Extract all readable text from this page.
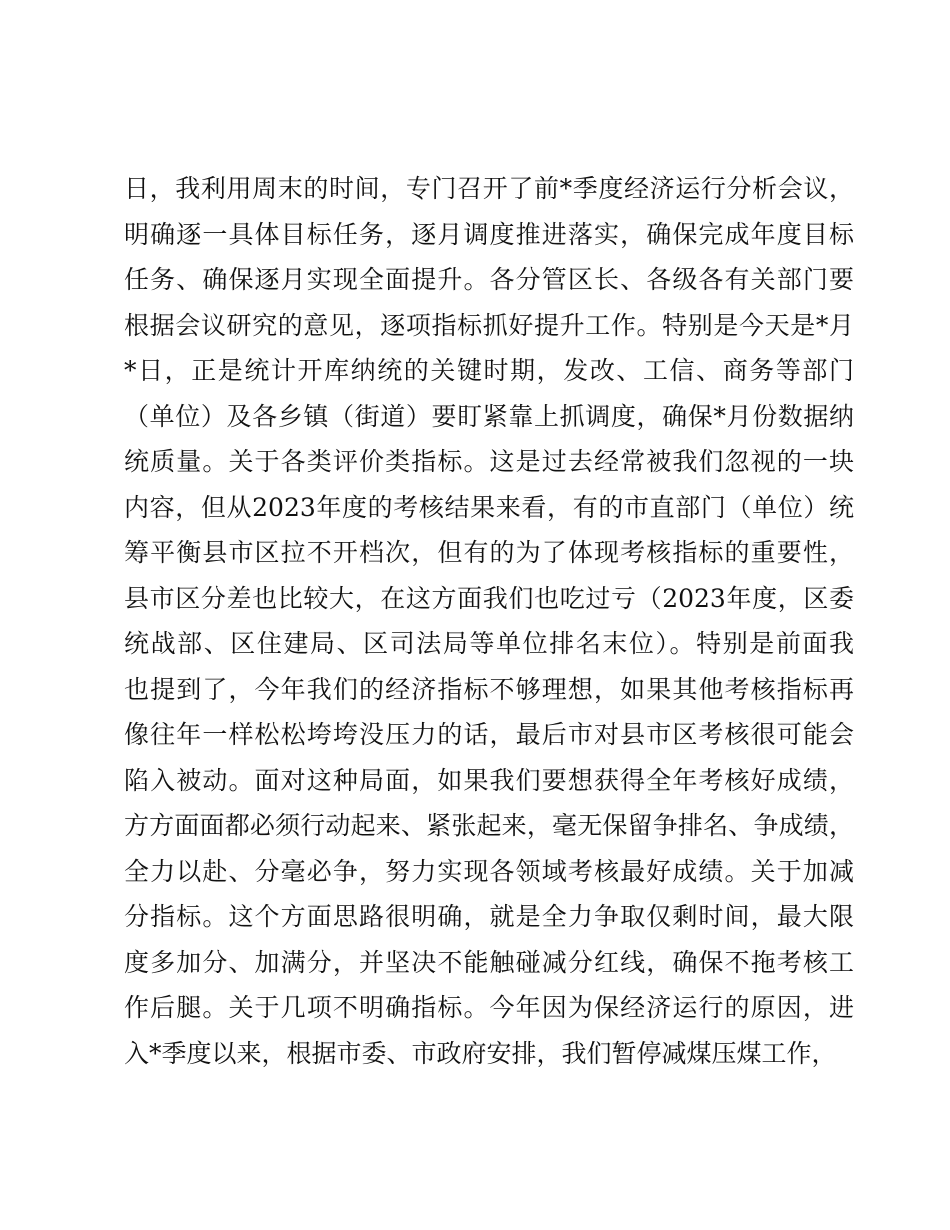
日，我利用周末的时间，专门召开了前*季度经济运行分析会议，
明确逐一具体目标任务，逐月调度推进落实，确保完成年度目标
任务、确保逐月实现全面提升。各分管区长、各级各有关部门要
根据会议研究的意见，逐项指标抓好提升工作。特别是今天是*月
*日，正是统计开库纳统的关键时期，发改、工信、商务等部门
（单位）及各乡镇（街道）要盯紧靠上抓调度，确保*月份数据纳
统质量。关于各类评价类指标。这是过去经常被我们忽视的一块
内容，但从2023年度的考核结果来看，有的市直部门（单位）统
筹平衡县市区拉不开档次，但有的为了体现考核指标的重要性，
县市区分差也比较大，在这方面我们也吃过亏（2023年度，区委
统战部、区住建局、区司法局等单位排名末位）。特别是前面我
也提到了，今年我们的经济指标不够理想，如果其他考核指标再
像往年一样松松垮垮没压力的话，最后市对县市区考核很可能会
陷入被动。面对这种局面，如果我们要想获得全年考核好成绩，
方方面面都必须行动起来、紧张起来，毫无保留争排名、争成绩，
全力以赴、分毫必争，努力实现各领域考核最好成绩。关于加减
分指标。这个方面思路很明确，就是全力争取仅剩时间，最大限
度多加分、加满分，并坚决不能触碰减分红线，确保不拖考核工
作后腿。关于几项不明确指标。今年因为保经济运行的原因，进
入*季度以来，根据市委、市政府安排，我们暂停减煤压煤工作，
